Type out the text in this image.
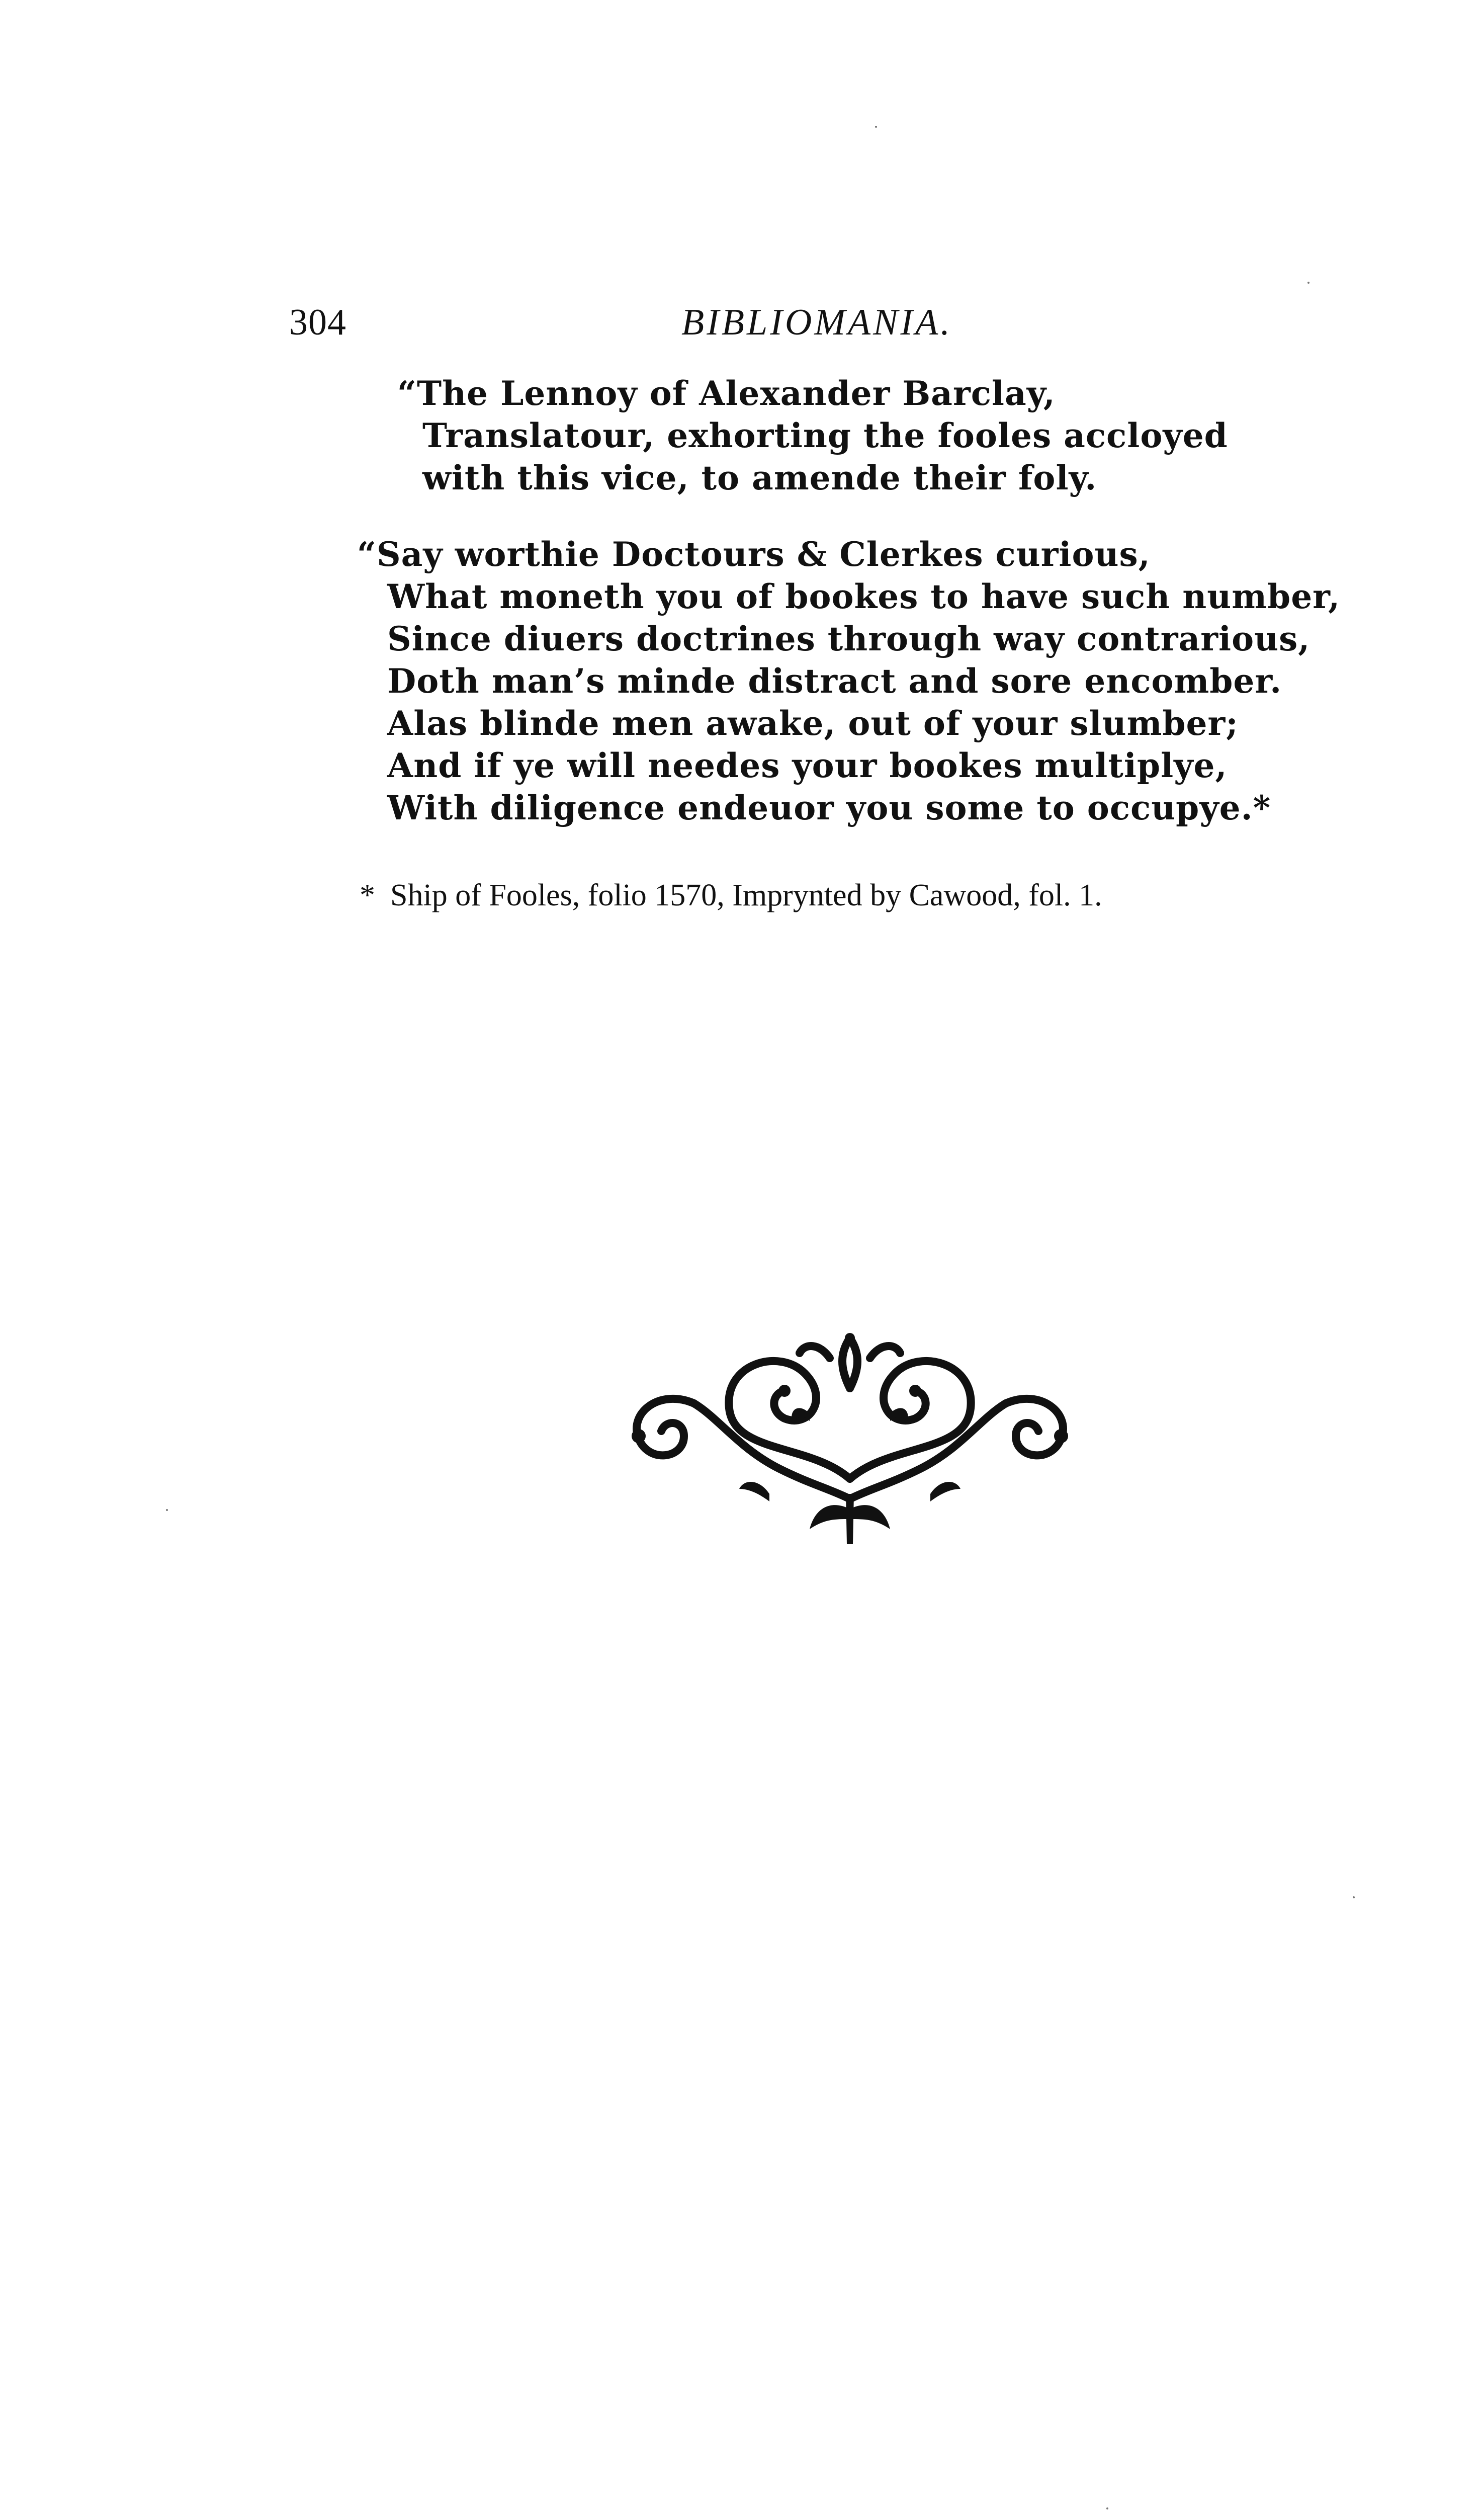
304	BIBLIOMANIA.
“The Lennoy of Alexander Barclay,
Translatour, exhorting the fooles accloyed
with this vice, to amende their foly.
“Say worthie Doctours & Clerkes curious,
What moneth you of bookes to have such number,
Since diuers doctrines through way contrarious,
Doth man’s minde distract and sore encomber.
Alas blinde men awake, out of your slumber;
And if ye will needes your bookes multiplye,
With diligence endeuor you some to occupye.*
* Ship of Fooles, folio 1570, Imprynted by Cawood, fol. 1.
